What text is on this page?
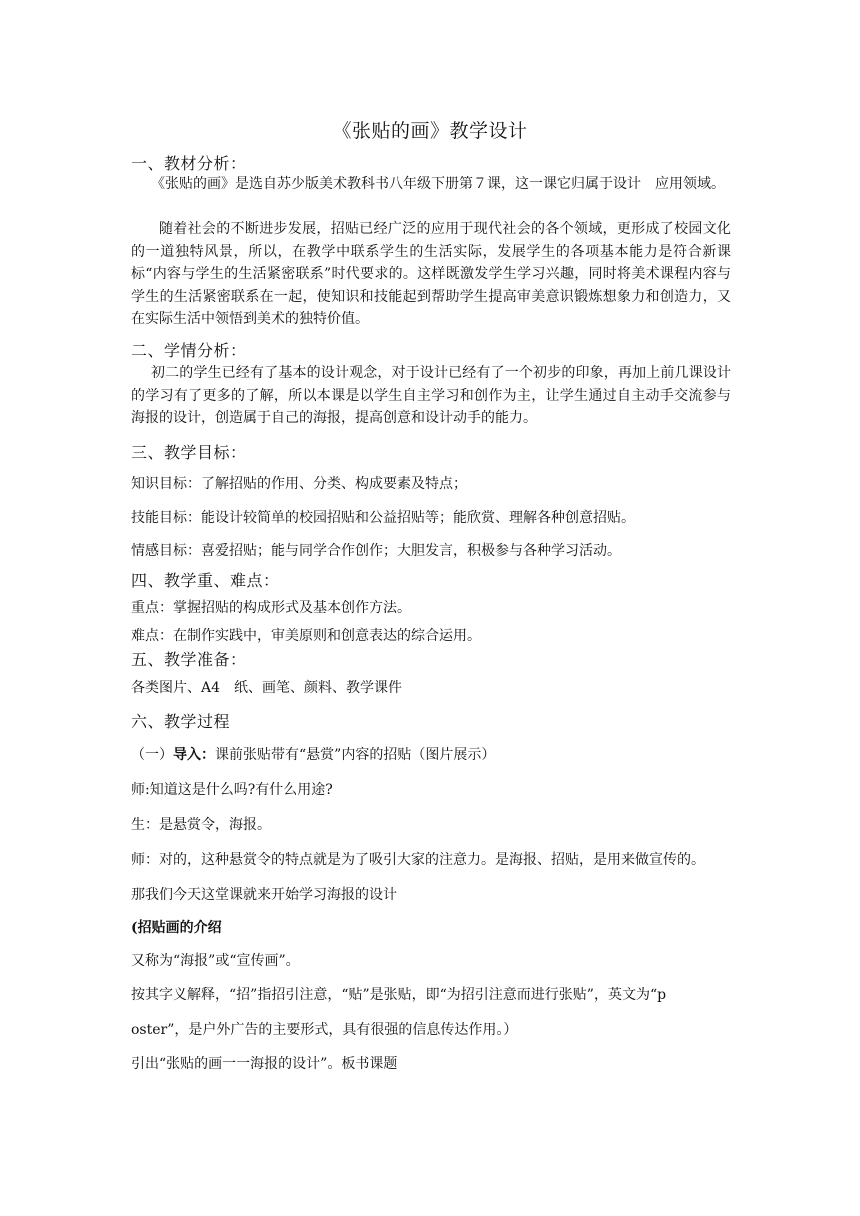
《张贴的画》教学设计
一、教材分析：
《张贴的画》是选自苏少版美术教科书八年级下册第７课，这一课它归属于设计　应用领域。
随着社会的不断进步发展，招贴已经广泛的应用于现代社会的各个领域，更形成了校园文化的一道独特风景，所以，在教学中联系学生的生活实际，发展学生的各项基本能力是符合新课标“内容与学生的生活紧密联系”时代要求的。这样既激发学生学习兴趣，同时将美术课程内容与学生的生活紧密联系在一起，使知识和技能起到帮助学生提高审美意识锻炼想象力和创造力，又在实际生活中领悟到美术的独特价值。
二、学情分析：
初二的学生已经有了基本的设计观念，对于设计已经有了一个初步的印象，再加上前几课设计的学习有了更多的了解，所以本课是以学生自主学习和创作为主，让学生通过自主动手交流参与海报的设计，创造属于自己的海报，提高创意和设计动手的能力。
三、教学目标：
知识目标：了解招贴的作用、分类、构成要素及特点；
技能目标：能设计较简单的校园招贴和公益招贴等；能欣赏、理解各种创意招贴。
情感目标：喜爱招贴；能与同学合作创作；大胆发言，积极参与各种学习活动。
四、教学重、难点：
重点：掌握招贴的构成形式及基本创作方法。
难点：在制作实践中，审美原则和创意表达的综合运用。
五、教学准备：
各类图片、A4　纸、画笔、颜料、教学课件
六、教学过程
（一）导入：课前张贴带有“悬赏”内容的招贴（图片展示）
师:知道这是什么吗?有什么用途?
生：是悬赏令，海报。
师：对的，这种悬赏令的特点就是为了吸引大家的注意力。是海报、招贴，是用来做宣传的。
那我们今天这堂课就来开始学习海报的设计
(招贴画的介绍
又称为“海报”或“宣传画”。
按其字义解释，“招”指招引注意，“贴”是张贴，即“为招引注意而进行张贴”，英文为“p
oster”，是户外广告的主要形式，具有很强的信息传达作用。）
引出“张贴的画一一海报的设计”。板书课题
